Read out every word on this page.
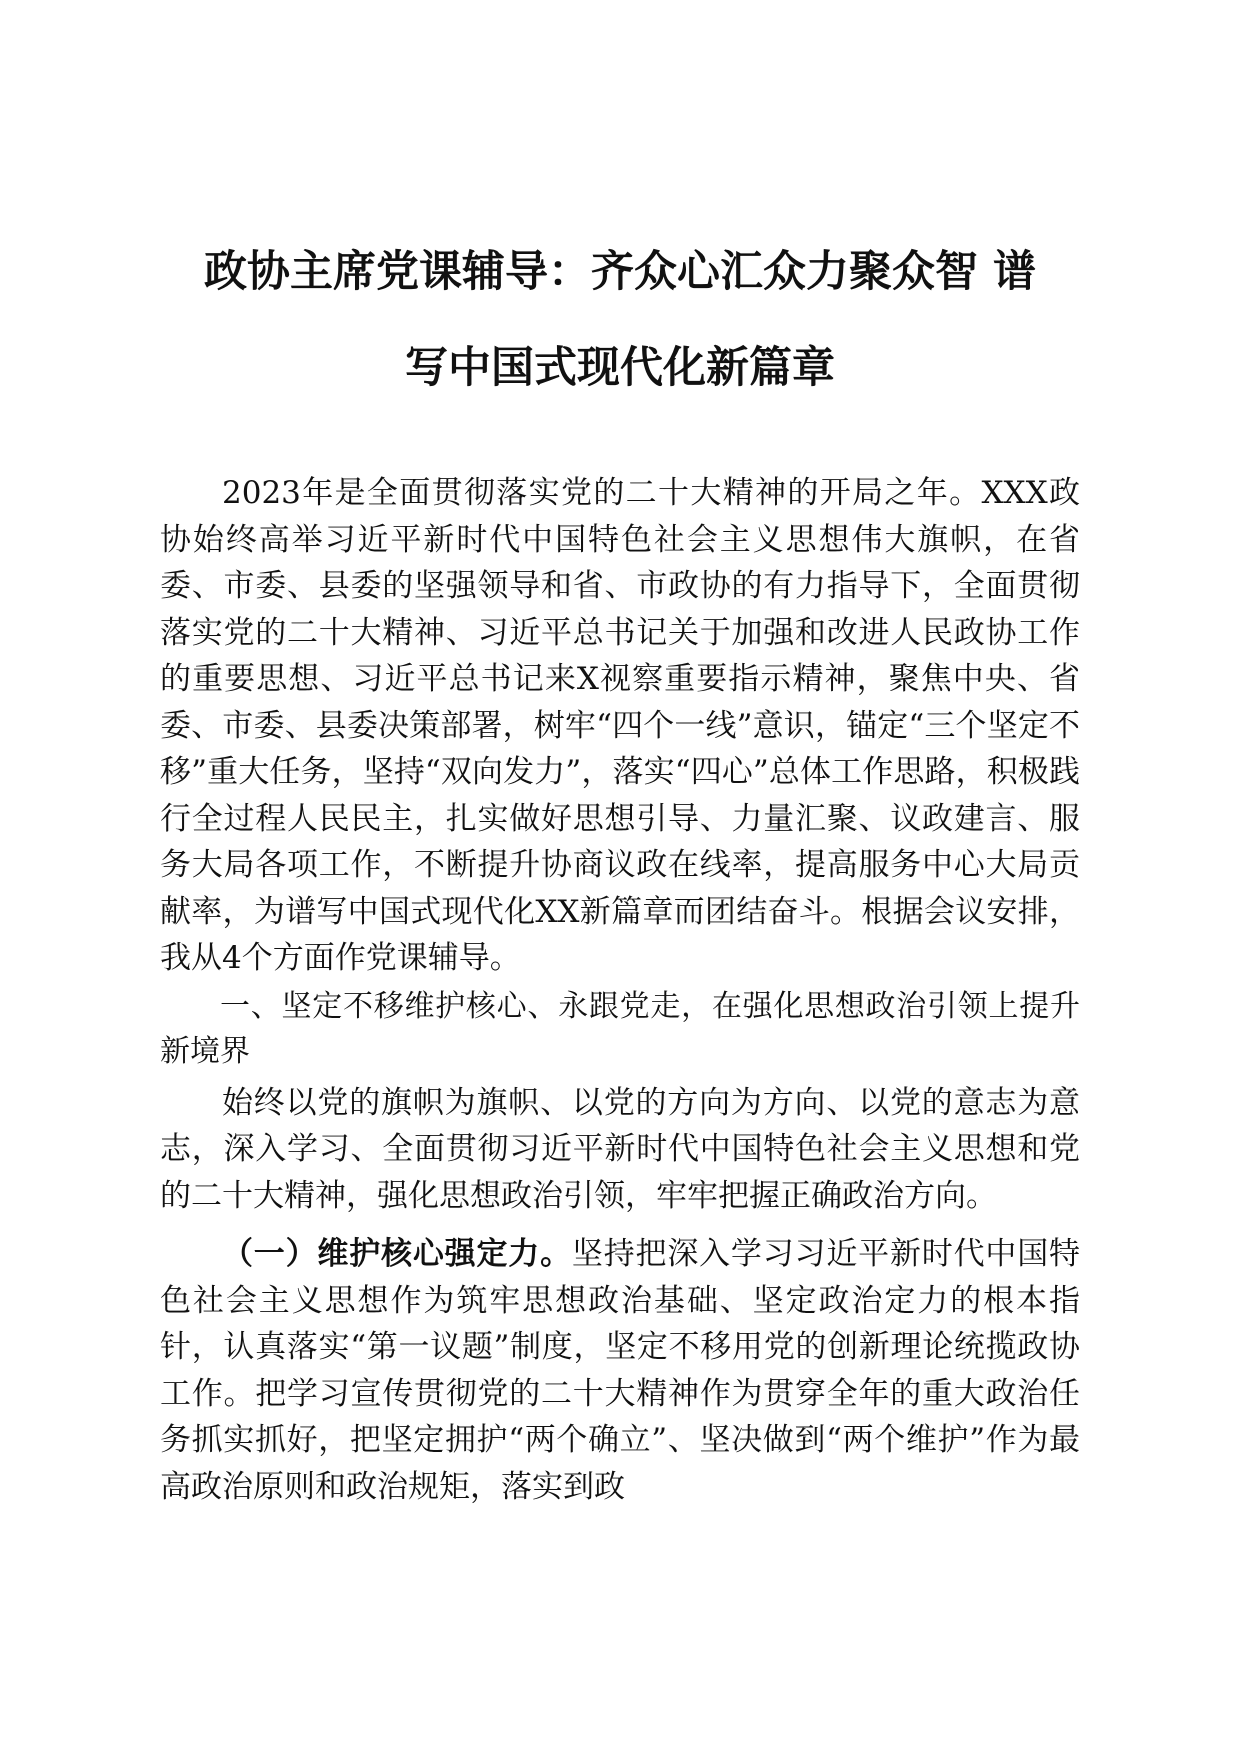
政协主席党课辅导：齐众心汇众力聚众智 谱
写中国式现代化新篇章

2023年是全面贯彻落实党的二十大精神的开局之年。XXX政协始终高举习近平新时代中国特色社会主义思想伟大旗帜，在省委、市委、县委的坚强领导和省、市政协的有力指导下，全面贯彻落实党的二十大精神、习近平总书记关于加强和改进人民政协工作的重要思想、习近平总书记来X视察重要指示精神，聚焦中央、省委、市委、县委决策部署，树牢“四个一线”意识，锚定“三个坚定不移”重大任务，坚持“双向发力”，落实“四心”总体工作思路，积极践行全过程人民民主，扎实做好思想引导、力量汇聚、议政建言、服务大局各项工作，不断提升协商议政在线率，提高服务中心大局贡献率，为谱写中国式现代化XX新篇章而团结奋斗。根据会议安排，我从4个方面作党课辅导。

一、坚定不移维护核心、永跟党走，在强化思想政治引领上提升新境界

始终以党的旗帜为旗帜、以党的方向为方向、以党的意志为意志，深入学习、全面贯彻习近平新时代中国特色社会主义思想和党的二十大精神，强化思想政治引领，牢牢把握正确政治方向。

（一）维护核心强定力。坚持把深入学习习近平新时代中国特色社会主义思想作为筑牢思想政治基础、坚定政治定力的根本指针，认真落实“第一议题”制度，坚定不移用党的创新理论统揽政协工作。把学习宣传贯彻党的二十大精神作为贯穿全年的重大政治任务抓实抓好，把坚定拥护“两个确立”、坚决做到“两个维护”作为最高政治原则和政治规矩，落实到政
